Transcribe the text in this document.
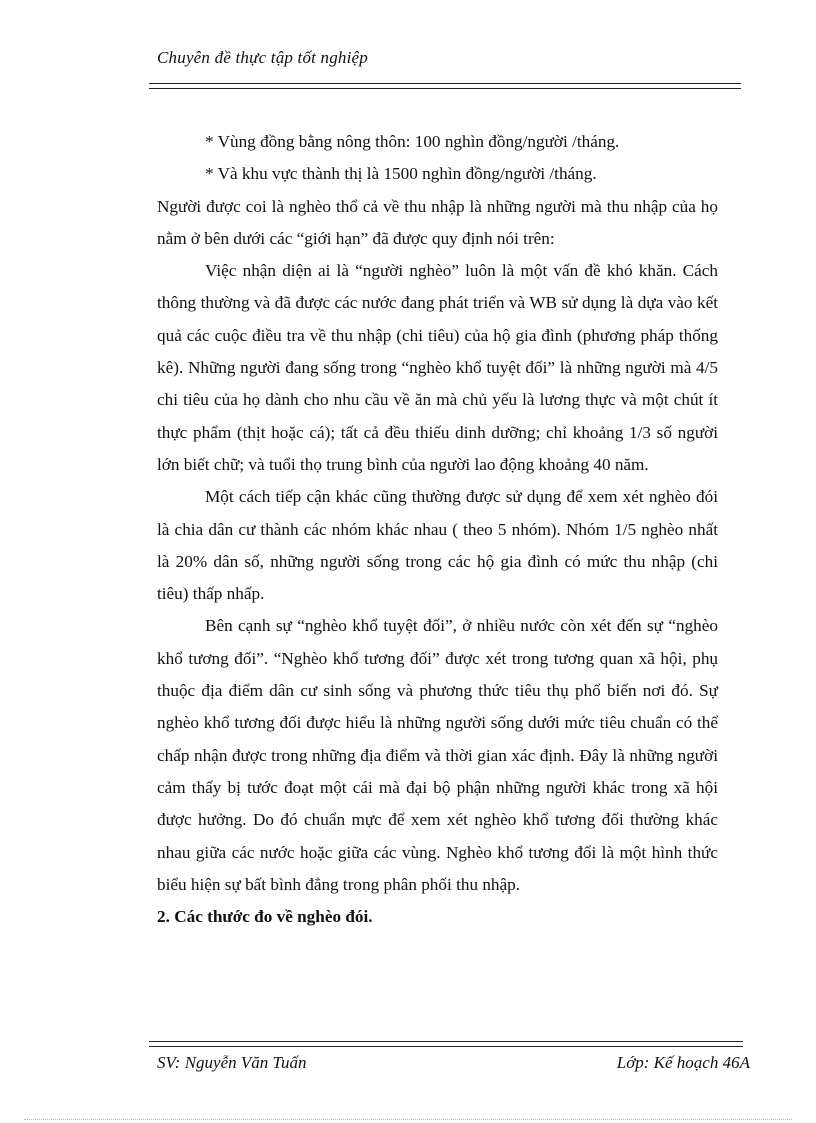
Chuyên đề thực tập tốt nghiệp

* Vùng đồng bằng nông thôn: 100 nghìn đồng/người /tháng.

* Và khu vực thành thị là 1500 nghìn đồng/người /tháng.

Người được coi là nghèo thổ cả về thu nhập là những người mà thu nhập của họ nằm ở bên dưới các “giới hạn” đã được quy định nói trên:

Việc nhận diện ai là “người nghèo” luôn là một vấn đề khó khăn. Cách thông thường và đã được các nước đang phát triển và WB sử dụng là dựa vào kết quả các cuộc điều tra về thu nhập (chi tiêu) của hộ gia đình (phương pháp thống kê). Những người đang sống trong “nghèo khổ tuyệt đối” là những người mà 4/5 chi tiêu của họ dành cho nhu cầu về ăn mà chủ yếu là lương thực và một chút ít thực phẩm (thịt hoặc cá); tất cả đều thiếu dinh dưỡng; chỉ khoảng 1/3 số người lớn biết chữ; và tuổi thọ trung bình của người lao động khoảng 40 năm.

Một cách tiếp cận khác cũng thường được sử dụng để xem xét nghèo đói là chia dân cư thành các nhóm khác nhau ( theo 5 nhóm). Nhóm 1/5 nghèo nhất là 20% dân số, những người sống trong các hộ gia đình có mức thu nhập (chi tiêu) thấp nhấp.

Bên cạnh sự “nghèo khổ tuyệt đối”, ở nhiều nước còn xét đến sự “nghèo khổ tương đối”. “Nghèo khổ tương đối” được xét trong tương quan xã hội, phụ thuộc địa điểm dân cư sinh sống và phương thức tiêu thụ phổ biến nơi đó. Sự nghèo khổ tương đối được hiểu là những người sống dưới mức tiêu chuẩn có thể chấp nhận được trong những địa điểm và thời gian xác định. Đây là những người cảm thấy bị tước đoạt một cái mà đại bộ phận những người khác trong xã hội được hưởng. Do đó chuẩn mực để xem xét nghèo khổ tương đối thường khác nhau giữa các nước hoặc giữa các vùng. Nghèo khổ tương đối là một hình thức biểu hiện sự bất bình đẳng trong phân phối thu nhập.

2. Các thước đo về nghèo đói.

SV: Nguyễn Văn Tuấn	Lớp: Kế hoạch 46A
